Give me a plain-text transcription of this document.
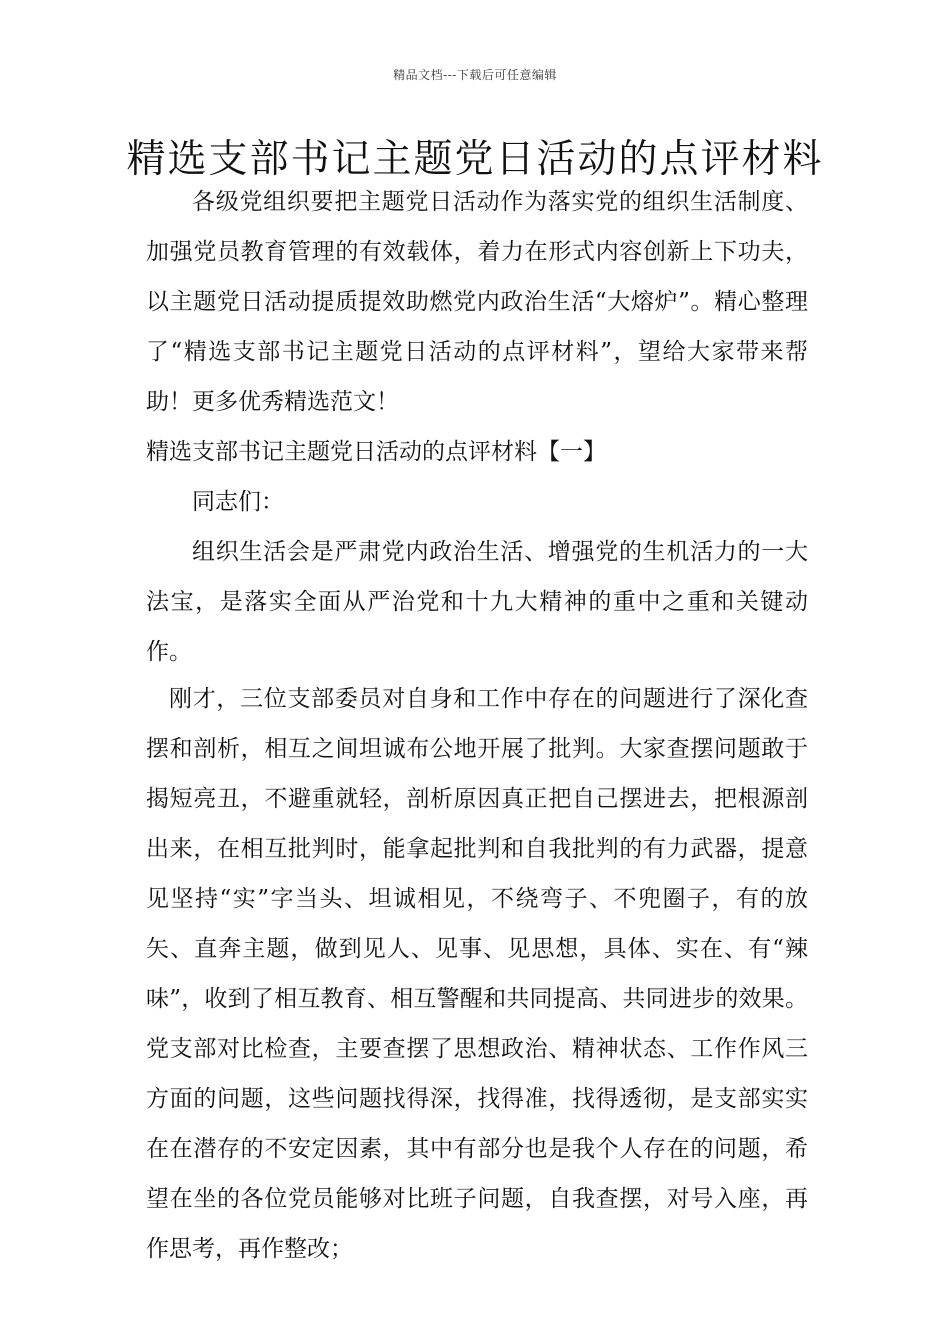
精品文档---下载后可任意编辑
精选支部书记主题党日活动的点评材料

各级党组织要把主题党日活动作为落实党的组织生活制度、加强党员教育管理的有效载体，着力在形式内容创新上下功夫，以主题党日活动提质提效助燃党内政治生活“大熔炉”。精心整理了“精选支部书记主题党日活动的点评材料”，望给大家带来帮助！更多优秀精选范文！

精选支部书记主题党日活动的点评材料【一】

同志们：

组织生活会是严肃党内政治生活、增强党的生机活力的一大法宝，是落实全面从严治党和十九大精神的重中之重和关键动作。

刚才，三位支部委员对自身和工作中存在的问题进行了深化查摆和剖析，相互之间坦诚布公地开展了批判。大家查摆问题敢于揭短亮丑，不避重就轻，剖析原因真正把自己摆进去，把根源剖出来，在相互批判时，能拿起批判和自我批判的有力武器，提意见坚持“实”字当头、坦诚相见，不绕弯子、不兜圈子，有的放矢、直奔主题，做到见人、见事、见思想，具体、实在、有“辣味”，收到了相互教育、相互警醒和共同提高、共同进步的效果。党支部对比检查，主要查摆了思想政治、精神状态、工作作风三方面的问题，这些问题找得深，找得准，找得透彻，是支部实实在在潜存的不安定因素，其中有部分也是我个人存在的问题，希望在坐的各位党员能够对比班子问题，自我查摆，对号入座，再作思考，再作整改；
